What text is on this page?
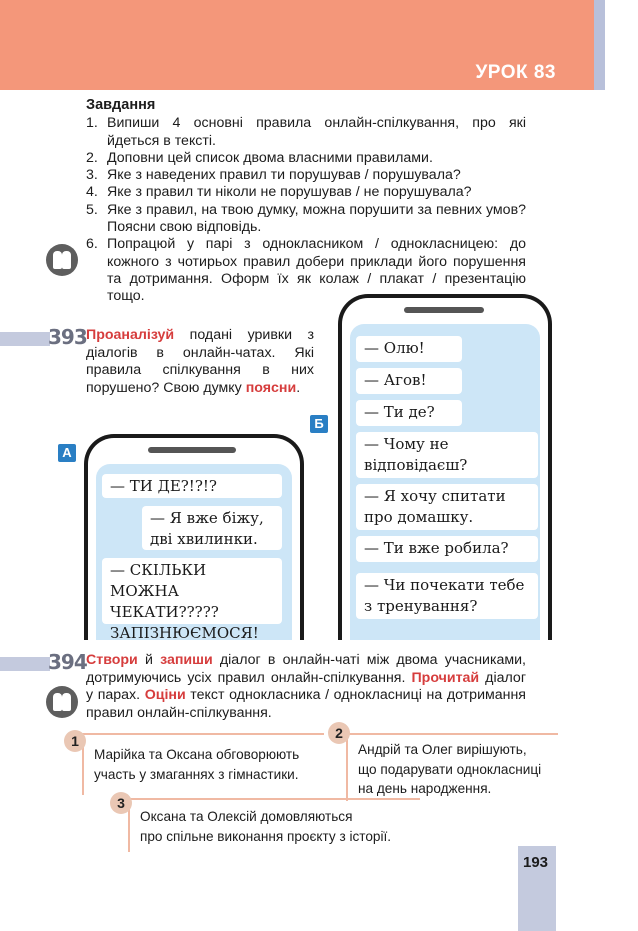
УРОК 83
Завдання
1. Випиши 4 основні правила онлайн-спілкування, про які йдеться в тексті.
2. Доповни цей список двома власними правилами.
3. Яке з наведених правил ти порушував / порушувала?
4. Яке з правил ти ніколи не порушував / не порушувала?
5. Яке з правил, на твою думку, можна порушити за певних умов? Поясни свою відповідь.
6. Попрацюй у парі з однокласником / однокласницею: до кожного з чотирьох правил добери приклади його порушення та дотримання. Оформ їх як колаж / плакат / презентацію тощо.
393 Проаналізуй подані уривки з діалогів в онлайн-чатах. Які правила спілкування в них порушено? Свою думку поясни.
Б
— Олю!
— Агов!
— Ти де?
— Чому не відповідаєш?
— Я хочу спитати про домашку.
— Ти вже робила?
— Чи почекати тебе з тренування?
А
— ТИ ДЕ?!?!?
— Я вже біжу, дві хвилинки.
— СКІЛЬКИ МОЖНА ЧЕКАТИ????? ЗАПІЗНЮЄМОСЯ!
394 Створи й запиши діалог в онлайн-чаті між двома учасниками, дотримуючись усіх правил онлайн-спілкування. Прочитай діалог у парах. Оціни текст однокласника / однокласниці на дотримання правил онлайн-спілкування.
1
Марійка та Оксана обговорюють
участь у змаганнях з гімнастики.
2
Андрій та Олег вирішують,
що подарувати однокласниці
на день народження.
3
Оксана та Олексій домовляються
про спільне виконання проєкту з історії.
193
